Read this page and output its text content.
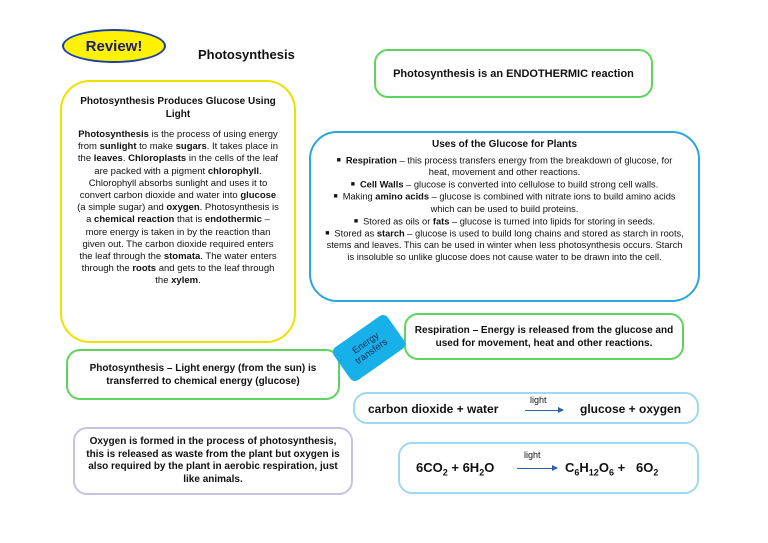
Review!	Photosynthesis
Photosynthesis is an ENDOTHERMIC reaction
Photosynthesis Produces Glucose Using Light
Photosynthesis is the process of using energy from sunlight to make sugars. It takes place in the leaves. Chloroplasts in the cells of the leaf are packed with a pigment chlorophyll. Chlorophyll absorbs sunlight and uses it to convert carbon dioxide and water into glucose (a simple sugar) and oxygen. Photosynthesis is a chemical reaction that is endothermic – more energy is taken in by the reaction than given out. The carbon dioxide required enters the leaf through the stomata. The water enters through the roots and gets to the leaf through the xylem.
Uses of the Glucose for Plants
■ Respiration – this process transfers energy from the breakdown of glucose, for heat, movement and other reactions.
■ Cell Walls – glucose is converted into cellulose to build strong cell walls.
■ Making amino acids – glucose is combined with nitrate ions to build amino acids which can be used to build proteins.
■ Stored as oils or fats – glucose is turned into lipids for storing in seeds.
■ Stored as starch – glucose is used to build long chains and stored as starch in roots, stems and leaves. This can be used in winter when less photosynthesis occurs. Starch is insoluble so unlike glucose does not cause water to be drawn into the cell.
Respiration – Energy is released from the glucose and used for movement, heat and other reactions.
Photosynthesis – Light energy (from the sun) is transferred to chemical energy (glucose)
Energy transfers
carbon dioxide + water
light
glucose + oxygen
Oxygen is formed in the process of photosynthesis, this is released as waste from the plant but oxygen is also required by the plant in aerobic respiration, just like animals.
$6CO_2 + 6H_2O$
light
$C_6H_{12}O_6 + 6O_2$
